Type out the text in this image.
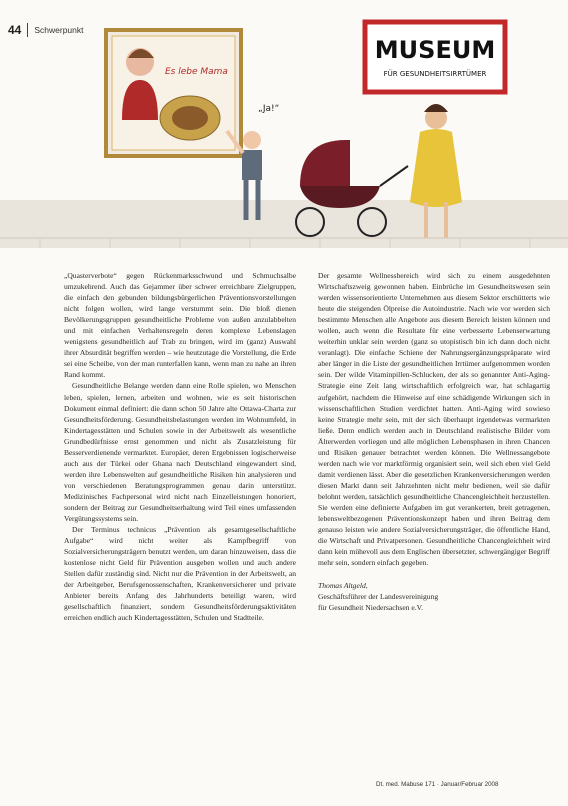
44 Schwerpunkt
Es lebe Mama
MUSEUM
FÜR GESUNDHEITSIRRTÜMER
„Ja!“

„Quasterverbote“ gegen Rückenmarksschwund und Schmuchsalbe umzukehrend. Auch das Gejammer über schwer erreichbare Zielgruppen, die einfach den gebunden bildungsbürgerlichen Präventionsvorstellungen nicht folgen wollen, wird lange verstummt sein. Die bloß dienen Bevölkerungsgruppen gesundheitliche Probleme von außen anzulabbelten und mit einfachen Verhaltensregeln deren komplexe Lebenslagen wenigstens gesundheitlich auf Trab zu bringen, wird im (ganz) Auswahl ihrer Absurdität begriffen werden – wie heutzutage die Vorstellung, die Erde sei eine Scheibe, von der man runterfallen kann, wenn man zu nahe an ihren Rand kommt.

Gesundheitliche Belange werden dann eine Rolle spielen, wo Menschen leben, spielen, lernen, arbeiten und wohnen, wie es seit historischen Dokument einmal definiert: die dann schon 50 Jahre alte Ottawa-Charta zur Gesundheitsförderung. Gesundheitsbelastungen werden im Wohnumfeld, in Kindertagesstätten und Schulen sowie in der Arbeitswelt als wesentliche Grundbedürfnisse ernst genommen und nicht als Zusatzleistung für Besserverdienende vermarktet. Europäer, deren Ergebnissen logischerweise auch aus der Türkei oder Ghana nach Deutschland eingewandert sind, werden ihre Lebenswelten auf gesundheitliche Risiken hin analysieren und von verschiedenen Beratungsprogrammen genau darin unterstützt. Medizinisches Fachpersonal wird nicht nach Einzelleistungen honoriert, sondern der Beitrag zur Gesundheitserhaltung wird Teil eines umfassenden Vergütungssystems sein.

Der Terminus technicus „Prävention als gesamtgesellschaftliche Aufgabe“ wird nicht weiter als Kampfbegriff von Sozialversicherungsträgern benutzt werden, um daran hinzuweisen, dass die kostenlose nicht Geld für Prävention ausgeben wollen und auch andere Stellen dafür zuständig sind. Nicht nur die Prävention in der Arbeitswelt, an der Arbeitgeber, Berufsgenossenschaften, Krankenversicherer und private Anbieter bereits Anfang des Jahrhunderts beteiligt waren, wird gesellschaftlich finanziert, sondern Gesundheitsförderungsaktivitäten erreichen endlich auch Kindertagesstätten, Schulen und Stadtteile.

Der gesamte Wellnessbereich wird sich zu einem ausgedehnten Wirtschaftszweig gewonnen haben. Einbrüche im Gesundheitswesen sein werden wissensorientierte Unternehmen aus diesem Sektor erschütterts wie heute die steigenden Ölpreise die Autoindustrie. Nach wie vor werden sich bestimmte Menschen alle Angebote aus diesem Bereich leisten können und wollen, auch wenn die Resultate für eine verbesserte Lebenserwartung weiterhin unklar sein werden (ganz so utopistisch bin ich dann doch nicht veranlagt). Die einfache Schiene der Nahrungsergänzungspräparate wird aber länger in die Liste der gesundheitlichen Irrtümer aufgenommen worden sein. Der wilde Vitaminpillen-Schlucken, der als so genannter Anti-Aging-Strategie eine Zeit lang wirtschaftlich erfolgreich war, hat schlagartig aufgehört, nachdem die Hinweise auf eine schädigende Wirkungen sich in wissenschaftlichen Studien verdichtet hatten. Anti-Aging wird sowieso keine Strategie mehr sein, mit der sich überhaupt irgendetwas vermarkten ließe. Denn endlich werden auch in Deutschland realistische Bilder vom Älterwerden vorliegen und alle möglichen Lebensphasen in ihren Chancen und Risiken genauer betrachtet werden können. Die Wellnessangebote werden nach wie vor marktförmig organisiert sein, weil sich eben viel Geld damit verdienen lässt. Aber die gesetzlichen Krankenversicherungen werden diesen Markt dann seit Jahrzehnten nicht mehr bedienen, weil sie dafür belohnt werden, tatsächlich gesundheitliche Chancengleichheit herzustellen. Sie werden eine definierte Aufgaben im gut verankerten, breit getragenen, lebensweltbezogenen Präventionskonzept haben und ihren Beitrag dem genauso leisten wie andere Sozialversicherungsträger, die öffentliche Hand, die Wirtschaft und Privatpersonen. Gesundheitliche Chancengleichheit wird dann kein mühevoll aus dem Englischen übersetzter, schwergängiger Begriff mehr sein, sondern einfach gegeben.

Thomas Altgeld,
Geschäftsführer der Landesvereinigung
für Gesundheit Niedersachsen e.V.
Dt. med. Mabuse 171 · Januar/Februar 2008
